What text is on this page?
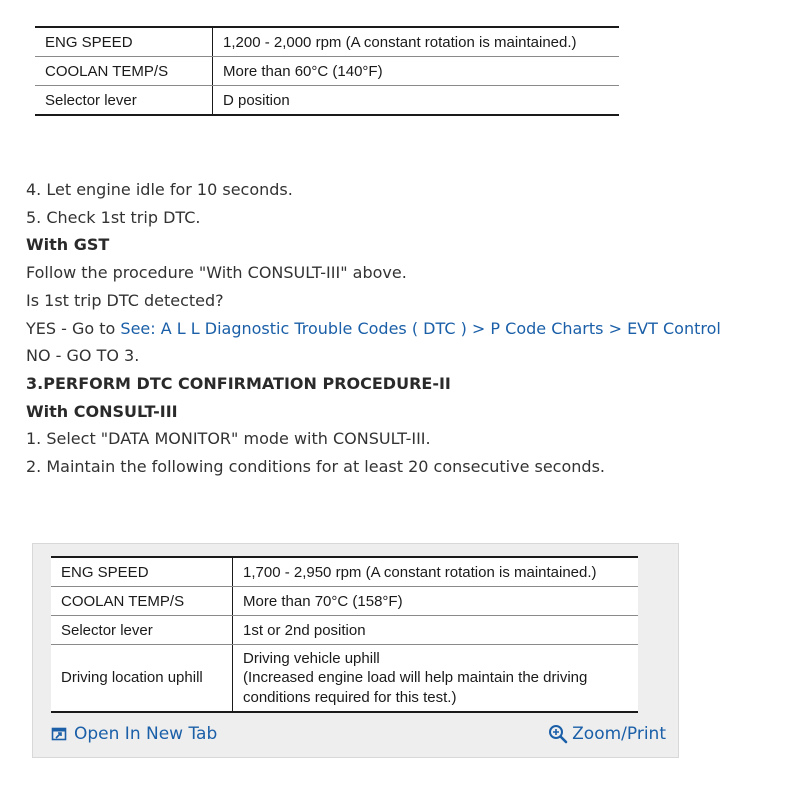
ENG SPEED	1,200 - 2,000 rpm (A constant rotation is maintained.)
COOLAN TEMP/S	More than 60°C (140°F)
Selector lever	D position
4. Let engine idle for 10 seconds.
5. Check 1st trip DTC.
With GST
Follow the procedure "With CONSULT-III" above.
Is 1st trip DTC detected?
YES - Go to See: A L L Diagnostic Trouble Codes ( DTC ) > P Code Charts > EVT Control
NO - GO TO 3.
3.PERFORM DTC CONFIRMATION PROCEDURE-II
With CONSULT-III
1. Select "DATA MONITOR" mode with CONSULT-III.
2. Maintain the following conditions for at least 20 consecutive seconds.
ENG SPEED	1,700 - 2,950 rpm (A constant rotation is maintained.)
COOLAN TEMP/S	More than 70°C (158°F)
Selector lever	1st or 2nd position
Driving location uphill	Driving vehicle uphill
(Increased engine load will help maintain the driving
conditions required for this test.)
Open In New Tab	Zoom/Print
